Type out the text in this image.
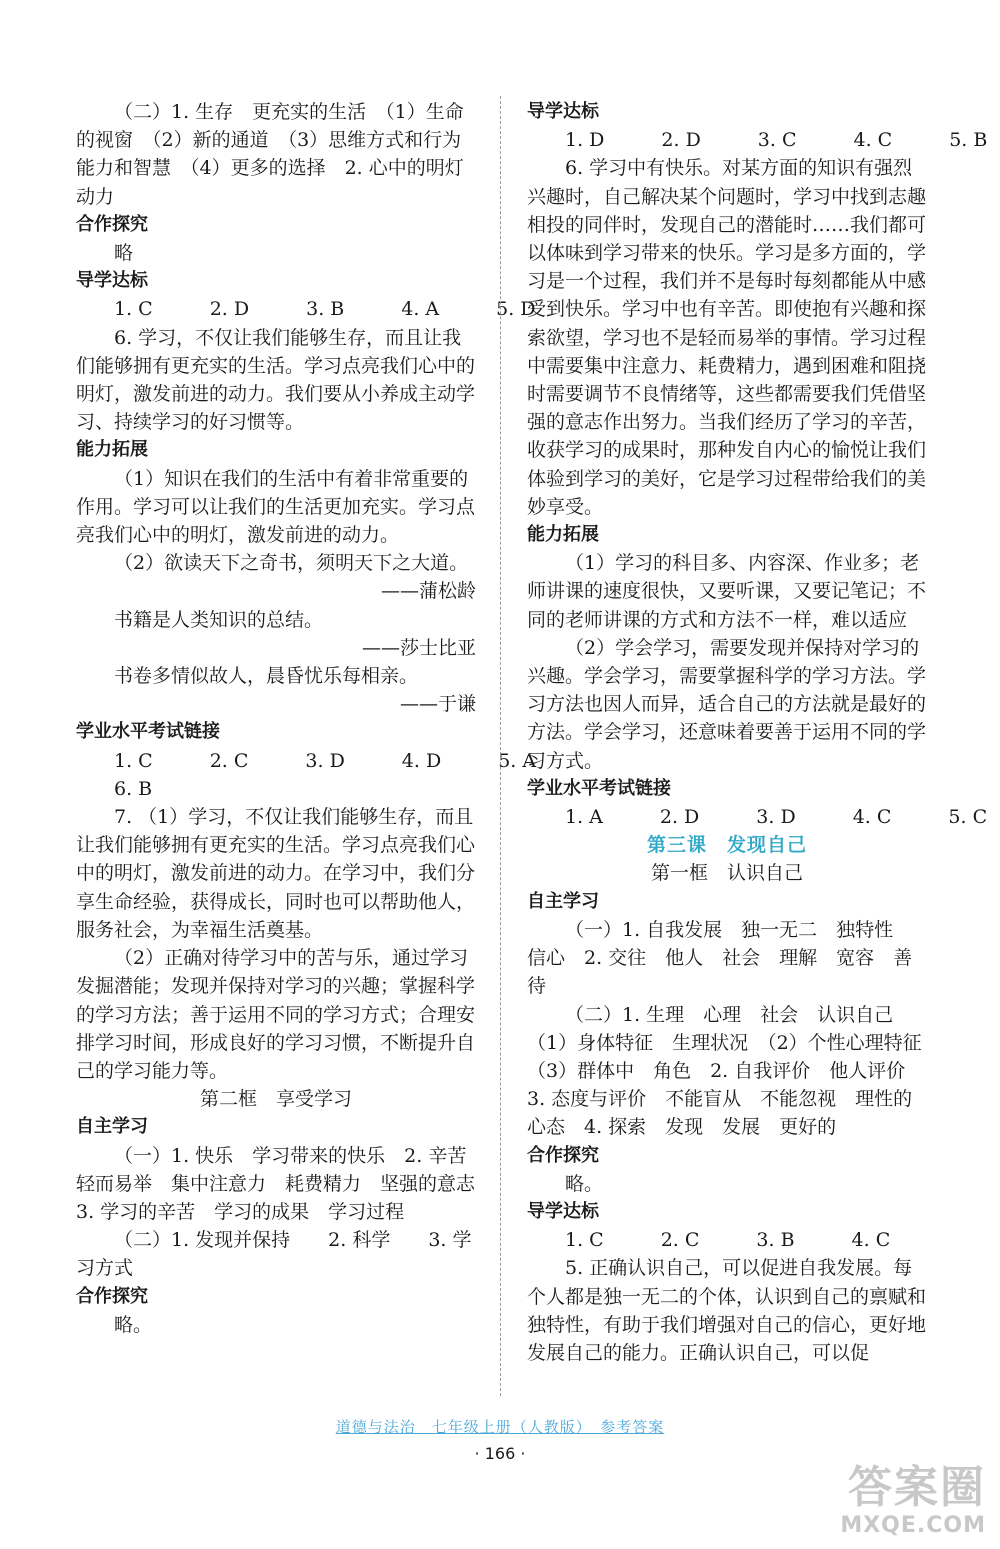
（二）1. 生存　更充实的生活　（1）生命的视窗　（2）新的通道　（3）思维方式和行为　能力和智慧　（4）更多的选择　2. 心中的明灯　动力

合作探究

略

导学达标

1. C　　　2. D　　　3. B　　　4. A　　　5. D

6. 学习，不仅让我们能够生存，而且让我们能够拥有更充实的生活。学习点亮我们心中的明灯，激发前进的动力。我们要从小养成主动学习、持续学习的好习惯等。

能力拓展

（1）知识在我们的生活中有着非常重要的作用。学习可以让我们的生活更加充实。学习点亮我们心中的明灯，激发前进的动力。

（2）欲读天下之奇书，须明天下之大道。

——蒲松龄

书籍是人类知识的总结。

——莎士比亚

书卷多情似故人，晨昏忧乐每相亲。

——于谦

学业水平考试链接

1. C　　　2. C　　　3. D　　　4. D　　　5. A

6. B

7. （1）学习，不仅让我们能够生存，而且让我们能够拥有更充实的生活。学习点亮我们心中的明灯，激发前进的动力。在学习中，我们分享生命经验，获得成长，同时也可以帮助他人，服务社会，为幸福生活奠基。

（2）正确对待学习中的苦与乐，通过学习发掘潜能；发现并保持对学习的兴趣；掌握科学的学习方法；善于运用不同的学习方式；合理安排学习时间，形成良好的学习习惯，不断提升自己的学习能力等。

第二框　享受学习

自主学习

（一）1. 快乐　学习带来的快乐　2. 辛苦　轻而易举　集中注意力　耗费精力　坚强的意志　3. 学习的辛苦　学习的成果　学习过程

（二）1. 发现并保持　　2. 科学　　3. 学习方式

合作探究

略。

导学达标

1. D　　　2. D　　　3. C　　　4. C　　　5. B

6. 学习中有快乐。对某方面的知识有强烈兴趣时，自己解决某个问题时，学习中找到志趣相投的同伴时，发现自己的潜能时……我们都可以体味到学习带来的快乐。学习是多方面的，学习是一个过程，我们并不是每时每刻都能从中感受到快乐。学习中也有辛苦。即使抱有兴趣和探索欲望，学习也不是轻而易举的事情。学习过程中需要集中注意力、耗费精力，遇到困难和阻挠时需要调节不良情绪等，这些都需要我们凭借坚强的意志作出努力。当我们经历了学习的辛苦，收获学习的成果时，那种发自内心的愉悦让我们体验到学习的美好，它是学习过程带给我们的美妙享受。

能力拓展

（1）学习的科目多、内容深、作业多；老师讲课的速度很快，又要听课，又要记笔记；不同的老师讲课的方式和方法不一样，难以适应

（2）学会学习，需要发现并保持对学习的兴趣。学会学习，需要掌握科学的学习方法。学习方法也因人而异，适合自己的方法就是最好的方法。学会学习，还意味着要善于运用不同的学习方式。

学业水平考试链接

1. A　　　2. D　　　3. D　　　4. C　　　5. C

第三课　发现自己

第一框　认识自己

自主学习

（一）1. 自我发展　独一无二　独特性　信心　2. 交往　他人　社会　理解　宽容　善待

（二）1. 生理　心理　社会　认识自己（1）身体特征　生理状况　（2）个性心理特征　（3）群体中　角色　2. 自我评价　他人评价　3. 态度与评价　不能盲从　不能忽视　理性的心态　4. 探索　发现　发展　更好的

合作探究

略。

导学达标

1. C　　　2. C　　　3. B　　　4. C

5. 正确认识自己，可以促进自我发展。每个人都是独一无二的个体，认识到自己的禀赋和独特性，有助于我们增强对自己的信心，更好地发展自己的能力。正确认识自己，可以促

道德与法治　七年级上册（人教版）　参考答案
· 166 ·
答案圈
MXQE.COM
